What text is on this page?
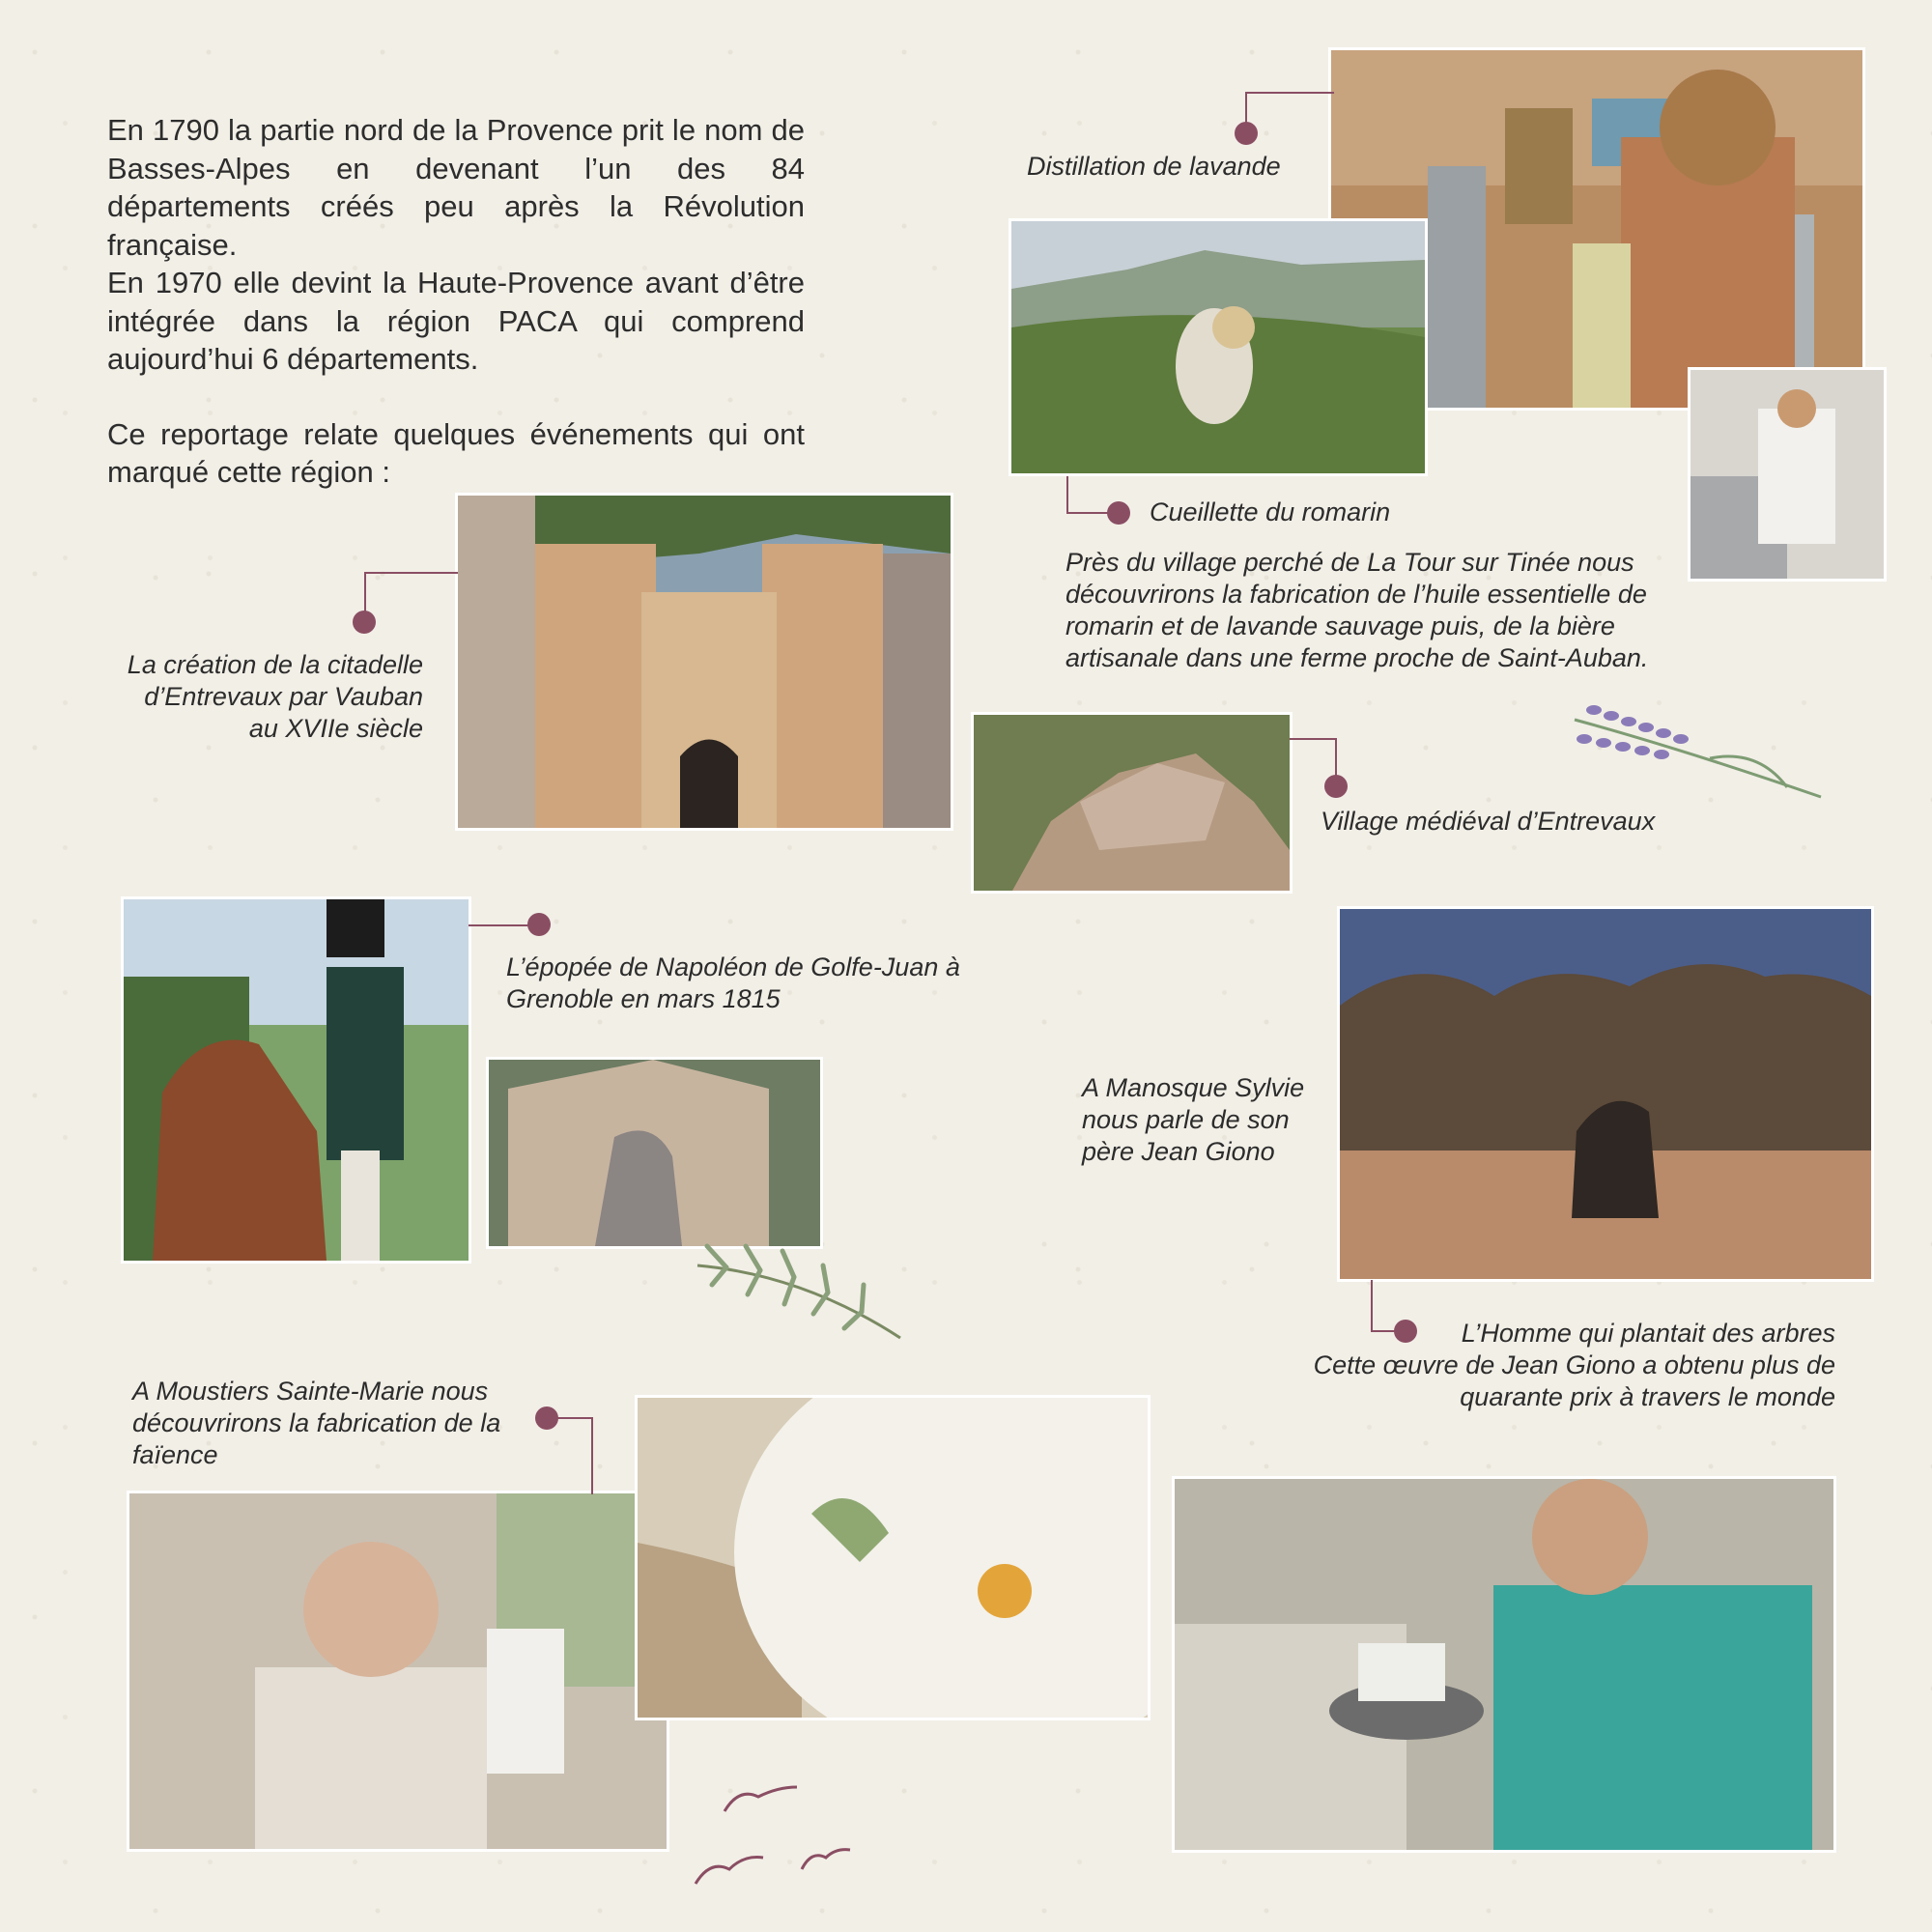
En 1790 la partie nord de la Provence prit le nom de Basses-Alpes en devenant l’un des 84 départements créés peu après la Révolution française.

En 1970 elle devint la Haute-Provence avant d’être intégrée dans la région PACA qui comprend aujourd’hui 6 départements.

Ce reportage relate quelques événements qui ont marqué cette région :

Distillation de lavande
Cueillette du romarin
Près du village perché de La Tour sur Tinée nous découvrirons la fabrication de l’huile essentielle de romarin et de lavande sauvage puis, de la bière artisanale dans une ferme proche de Saint-Auban.
La création de la citadelle
d’Entrevaux par Vauban
au XVIIe siècle
Village médiéval d’Entrevaux
L’épopée de Napoléon de Golfe-Juan à Grenoble en mars 1815
A Manosque Sylvie nous parle de son père Jean Giono
L’Homme qui plantait des arbres
Cette œuvre de Jean Giono a obtenu plus de
quarante prix à travers le monde
A Moustiers Sainte-Marie nous découvrirons la fabrication de la faïence
